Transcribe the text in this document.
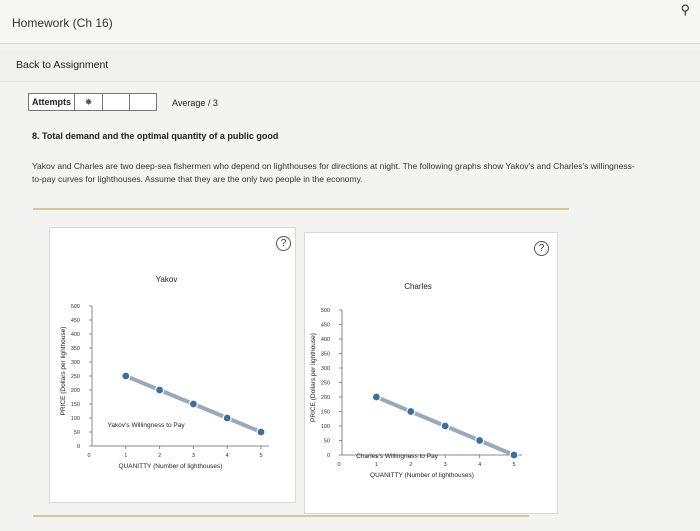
Homework (Ch 16)
⚲
Back to Assignment
Attempts	✸	Average / 3
8. Total demand and the optimal quantity of a public good
Yakov and Charles are two deep-sea fishermen who depend on lighthouses for directions at night. The following graphs show Yakov's and Charles's willingness-to-pay curves for lighthouses. Assume that they are the only two people in the economy.
?
Yakov
0
50
100
150
200
250
300
350
400
450
500
0	1	2	3	4	5
QUANITTY (Number of lighthouses)
PRICE (Dollars per lighthouse)
Yakov's Willingness to Pay
?
Charles
0
50
100
150
200
250
300
350
400
450
500
0	1	2	3	4	5
QUANITTY (Number of lighthouses)
PRICE (Dollars per lighthouse)
Charles's Willingness to Pay
